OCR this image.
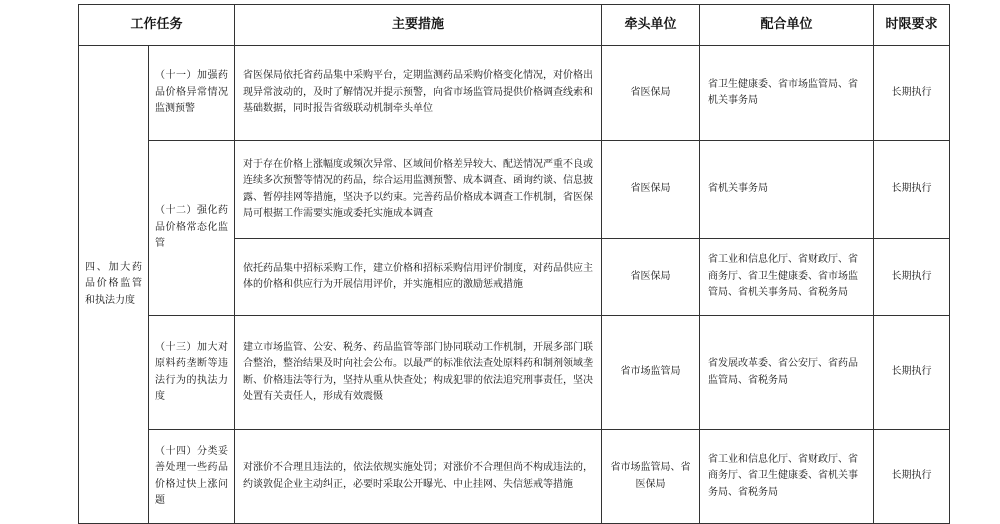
工作任务		主要措施	牵头单位	配合单位	时限要求
四、加大药品价格监管和执法力度	（十一）加强药品价格异常情况监测预警	省医保局依托省药品集中采购平台，定期监测药品采购价格变化情况，对价格出现异常波动的，及时了解情况并提示预警，向省市场监管局提供价格调查线索和基础数据，同时报告省级联动机制牵头单位	省医保局	省卫生健康委、省市场监管局、省机关事务局	长期执行
	（十二）强化药品价格常态化监管	对于存在价格上涨幅度或频次异常、区域间价格差异较大、配送情况严重不良或连续多次预警等情况的药品，综合运用监测预警、成本调查、函询约谈、信息披露、暂停挂网等措施，坚决予以约束。完善药品价格成本调查工作机制，省医保局可根据工作需要实施或委托实施成本调查	省医保局	省机关事务局	长期执行
		依托药品集中招标采购工作，建立价格和招标采购信用评价制度，对药品供应主体的价格和供应行为开展信用评价，并实施相应的激励惩戒措施	省医保局	省工业和信息化厅、省财政厅、省商务厅、省卫生健康委、省市场监管局、省机关事务局、省税务局	长期执行
	（十三）加大对原料药垄断等违法行为的执法力度	建立市场监管、公安、税务、药品监管等部门协同联动工作机制，开展多部门联合整治，整治结果及时向社会公布。以最严的标准依法查处原料药和制剂领域垄断、价格违法等行为，坚持从重从快查处；构成犯罪的依法追究刑事责任，坚决处置有关责任人，形成有效震慑	省市场监管局	省发展改革委、省公安厅、省药品监管局、省税务局	长期执行
	（十四）分类妥善处理一些药品价格过快上涨问题	对涨价不合理且违法的，依法依规实施处罚；对涨价不合理但尚不构成违法的，约谈敦促企业主动纠正，必要时采取公开曝光、中止挂网、失信惩戒等措施	省市场监管局、省医保局	省工业和信息化厅、省财政厅、省商务厅、省卫生健康委、省机关事务局、省税务局	长期执行
